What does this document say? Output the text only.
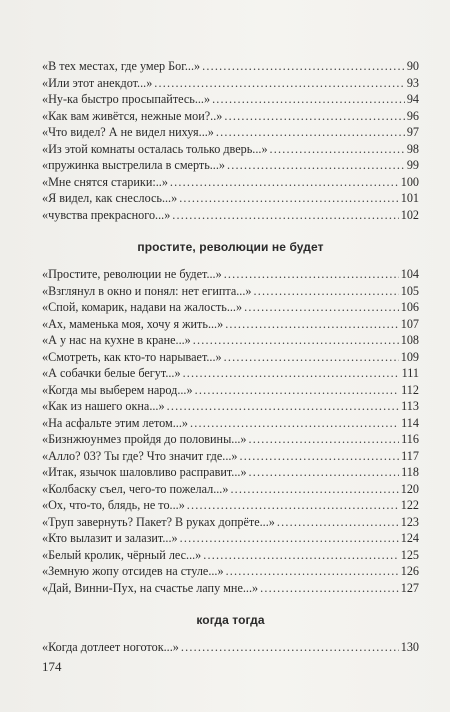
«В тех местах, где умер Бог...» .....	90
«Или этот анекдот...» .....	93
«Ну-ка быстро просыпайтесь...» .....	94
«Как вам живётся, нежные мои?..» .....	96
«Что видел? А не видел нихуя...» .....	97
«Из этой комнаты осталась только дверь...» .....	98
«пружинка выстрелила в смерть...» .....	99
«Мне снятся старики:..» .....	100
«Я видел, как снеслось...» .....	101
«чувства прекрасного...» .....	102
простите, революции не будет
«Простите, революции не будет...» .....	104
«Взглянул в окно и понял: нет египта...» .....	105
«Спой, комарик, надави на жалость...» .....	106
«Ах, маменька моя, хочу я жить...» .....	107
«А у нас на кухне в кране...» .....	108
«Смотреть, как кто-то нарывает...» .....	109
«А собачки белые бегут...» .....	111
«Когда мы выберем народ...» .....	112
«Как из нашего окна...» .....	113
«На асфальте этим летом...» .....	114
«Бизнжюунмез пройдя до половины...» .....	116
«Алло? 03? Ты где? Что значит где...» .....	117
«Итак, язычок шаловливо расправит...» .....	118
«Колбаску съел, чего-то пожелал...» .....	120
«Ох, что-то, блядь, не то...» .....	122
«Труп завернуть? Пакет? В руках допрёте...» .....	123
«Кто вылазит и залазит...» .....	124
«Белый кролик, чёрный лес...» .....	125
«Земную жопу отсидев на стуле...» .....	126
«Дай, Винни-Пух, на счастье лапу мне...» .....	127
когда тогда
«Когда дотлеет ноготок...» .....	130
174
